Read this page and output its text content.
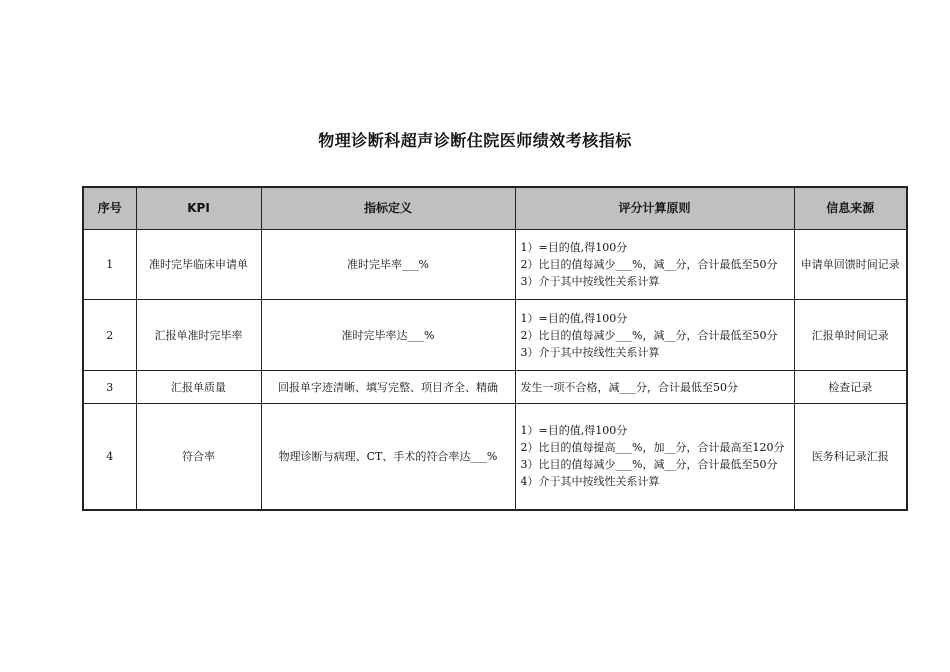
物理诊断科超声诊断住院医师绩效考核指标
序号	KPI	指标定义	评分计算原则	信息来源
1	准时完毕临床申请单	准时完毕率___%	1）=目的值,得100分
2）比目的值每减少___%，减__分，合计最低至50分
3）介于其中按线性关系计算	申请单回馈时间记录
2	汇报单准时完毕率	准时完毕率达___%	1）=目的值,得100分
2）比目的值每减少___%，减__分，合计最低至50分
3）介于其中按线性关系计算	汇报单时间记录
3	汇报单质量	回报单字迹清晰、填写完整、项目齐全、精确	发生一项不合格，减___分，合计最低至50分	检查记录
4	符合率	物理诊断与病理、CT、手术的符合率达___%	1）=目的值,得100分
2）比目的值每提高___%，加__分，合计最高至120分
3）比目的值每减少___%，减__分，合计最低至50分
4）介于其中按线性关系计算	医务科记录汇报
